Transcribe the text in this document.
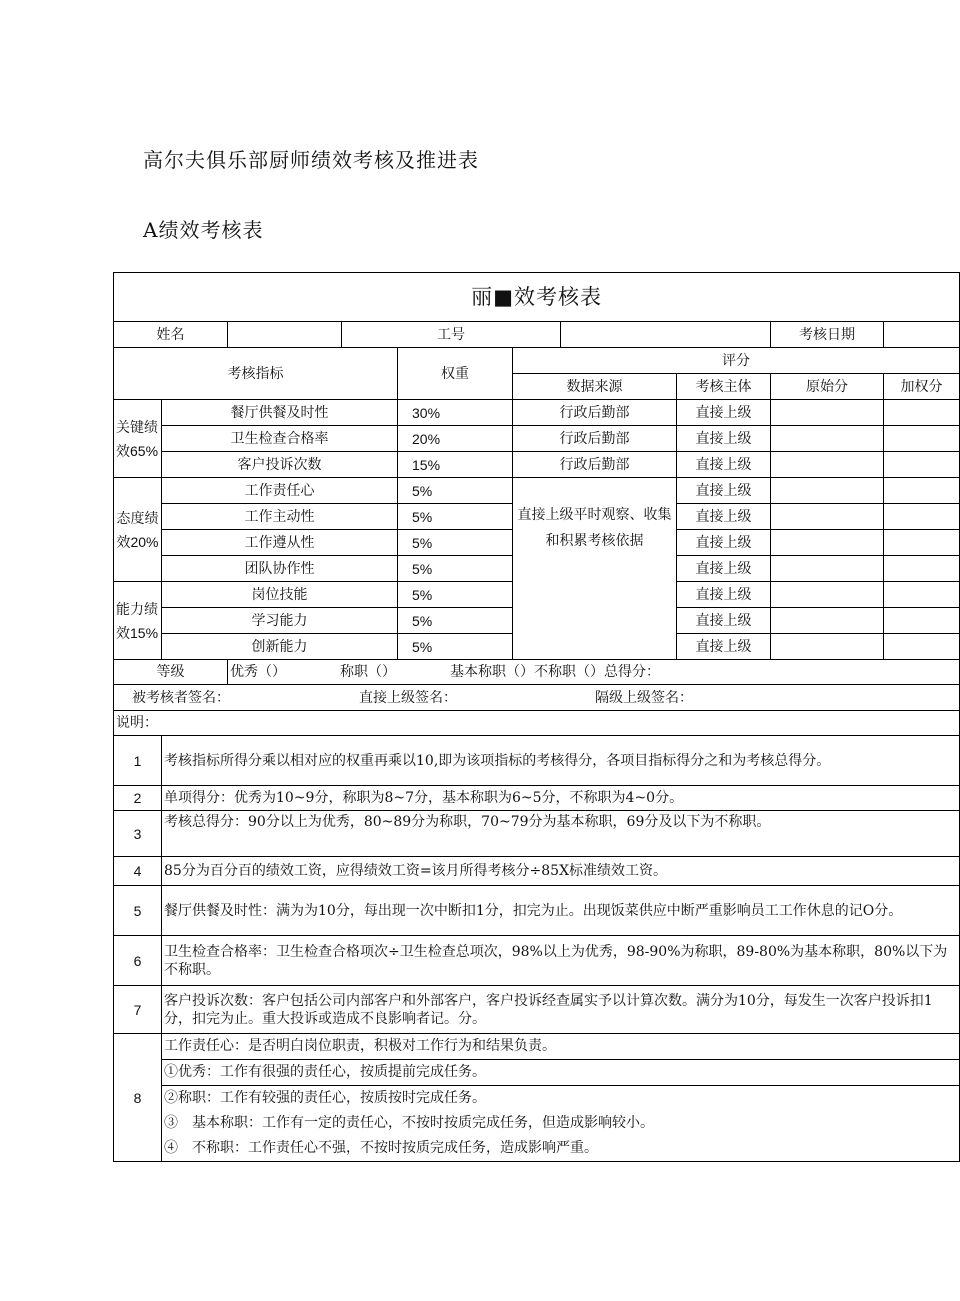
高尔夫俱乐部厨师绩效考核及推进表
A绩效考核表
丽■效考核表									
姓名			工号					考核日期	
考核指标				权重	评分				
					数据来源		考核主体	原始分	加权分
关键绩效65%	餐厅供餐及时性			30%	行政后勤部		直接上级		
	卫生检查合格率			20%	行政后勤部		直接上级		
	客户投诉次数			15%	行政后勤部		直接上级		
态度绩效20%	工作责任心			5%	直接上级平时观察、收集和积累考核依据		直接上级		
	工作主动性			5%			直接上级		
	工作遵从性			5%			直接上级		
	团队协作性			5%			直接上级		
能力绩效15%	岗位技能			5%			直接上级		
	学习能力			5%			直接上级		
	创新能力			5%			直接上级		
等级		优秀（） 称职（） 基本称职（）不称职（）总得分：							
被考核者签名： 直接上级签名： 隔级上级签名：									
说明：									
1	考核指标所得分乘以相对应的权重再乘以10,即为该项指标的考核得分，各项目指标得分之和为考核总得分。								
2	单项得分：优秀为10~9分，称职为8~7分，基本称职为6~5分，不称职为4~0分。								
3	考核总得分：90分以上为优秀，80~89分为称职，70~79分为基本称职，69分及以下为不称职。								
4	85分为百分百的绩效工资，应得绩效工资=该月所得考核分÷85X标准绩效工资。								
5	餐厅供餐及时性：满为为10分，每出现一次中断扣1分，扣完为止。出现饭菜供应中断严重影响员工工作休息的记O分。								
6	卫生检查合格率：卫生检查合格项次÷卫生检查总项次，98%以上为优秀，98-90%为称职，89-80%为基本称职，80%以下为不称职。								
7	客户投诉次数：客户包括公司内部客户和外部客户，客户投诉经查属实予以计算次数。满分为10分，每发生一次客户投诉扣1分，扣完为止。重大投诉或造成不良影响者记。分。								
8	工作责任心：是否明白岗位职责，积极对工作行为和结果负责。
①优秀：工作有很强的责任心，按质提前完成任务。
②称职：工作有较强的责任心，按质按时完成任务。
③　基本称职：工作有一定的责任心，不按时按质完成任务，但造成影响较小。
④　不称职：工作责任心不强，不按时按质完成任务，造成影响严重。								
